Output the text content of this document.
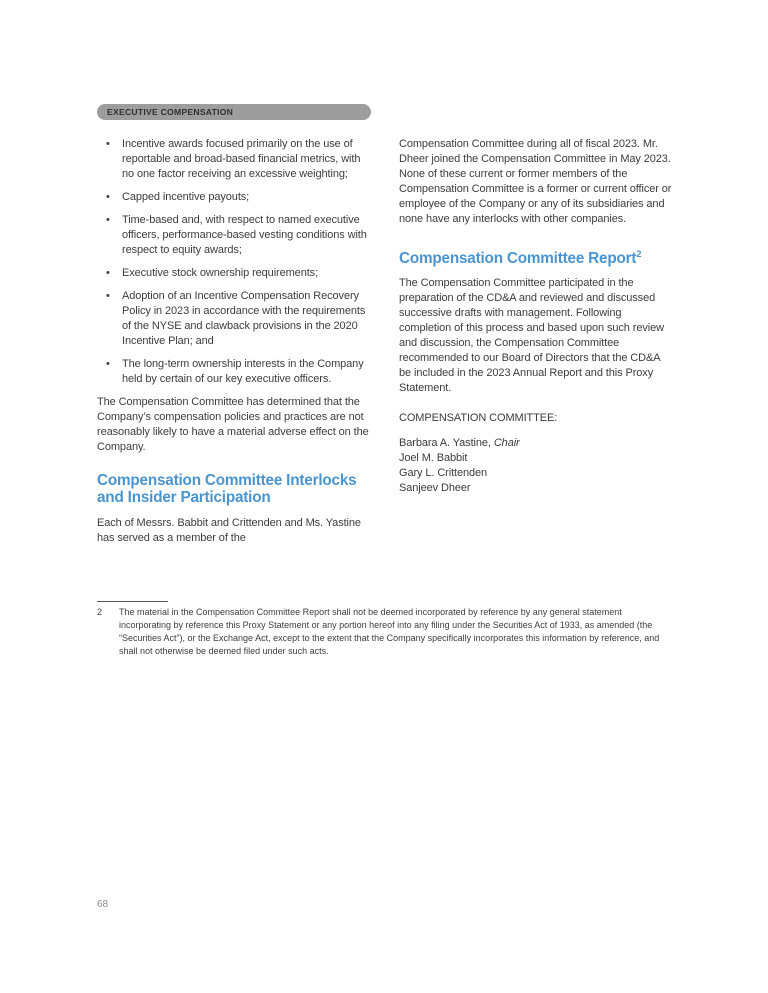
EXECUTIVE COMPENSATION
• Incentive awards focused primarily on the use of reportable and broad-based financial metrics, with no one factor receiving an excessive weighting;
• Capped incentive payouts;
• Time-based and, with respect to named executive officers, performance-based vesting conditions with respect to equity awards;
• Executive stock ownership requirements;
• Adoption of an Incentive Compensation Recovery Policy in 2023 in accordance with the requirements of the NYSE and clawback provisions in the 2020 Incentive Plan; and
• The long-term ownership interests in the Company held by certain of our key executive officers.

The Compensation Committee has determined that the Company’s compensation policies and practices are not reasonably likely to have a material adverse effect on the Company.

Compensation Committee Interlocks and Insider Participation

Each of Messrs. Babbit and Crittenden and Ms. Yastine has served as a member of the

Compensation Committee during all of fiscal 2023. Mr. Dheer joined the Compensation Committee in May 2023. None of these current or former members of the Compensation Committee is a former or current officer or employee of the Company or any of its subsidiaries and none have any interlocks with other companies.

Compensation Committee Report$^2$

The Compensation Committee participated in the preparation of the CD&A and reviewed and discussed successive drafts with management. Following completion of this process and based upon such review and discussion, the Compensation Committee recommended to our Board of Directors that the CD&A be included in the 2023 Annual Report and this Proxy Statement.

COMPENSATION COMMITTEE:

Barbara A. Yastine, Chair

Joel M. Babbit

Gary L. Crittenden

Sanjeev Dheer

2	The material in the Compensation Committee Report shall not be deemed incorporated by reference by any general statement incorporating by reference this Proxy Statement or any portion hereof into any filing under the Securities Act of 1933, as amended (the “Securities Act”), or the Exchange Act, except to the extent that the Company specifically incorporates this information by reference, and shall not otherwise be deemed filed under such acts.
68
